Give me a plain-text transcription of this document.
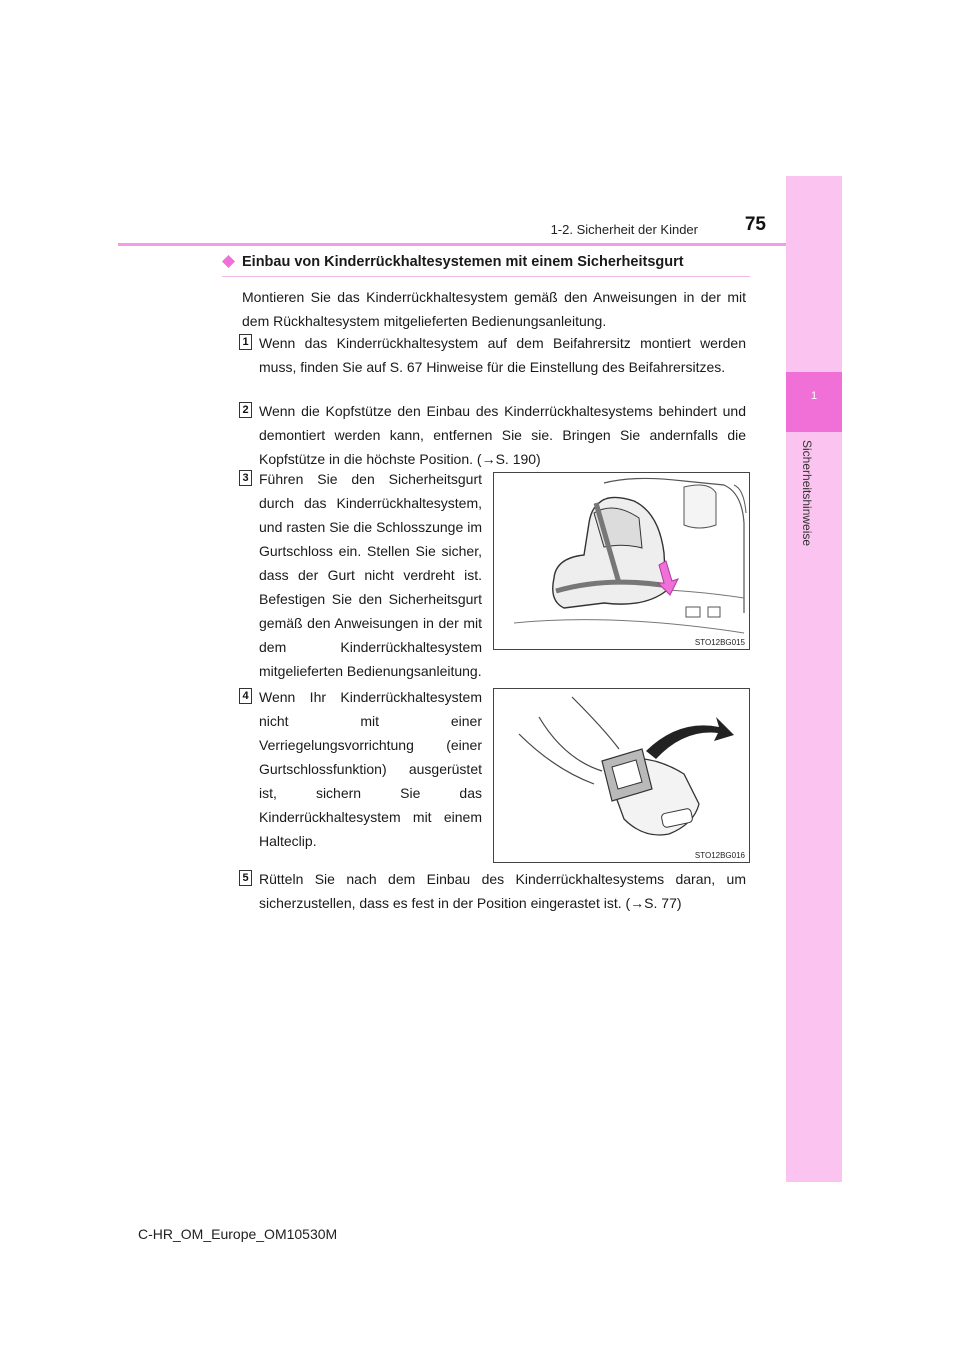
1
Sicherheitshinweise
1-2. Sicherheit der Kinder	75
Einbau von Kinderrückhaltesystemen mit einem Sicherheitsgurt
Montieren Sie das Kinderrückhaltesystem gemäß den Anweisungen in der mit dem Rückhaltesystem mitgelieferten Bedienungsanleitung.
1 Wenn das Kinderrückhaltesystem auf dem Beifahrersitz montiert werden muss, finden Sie auf S. 67 Hinweise für die Einstellung des Beifahrersitzes.
2 Wenn die Kopfstütze den Einbau des Kinderrückhaltesystems behindert und demontiert werden kann, entfernen Sie sie. Bringen Sie andernfalls die Kopfstütze in die höchste Position. (→S. 190)
3 Führen Sie den Sicherheitsgurt durch das Kinderrückhaltesystem, und rasten Sie die Schlosszunge im Gurtschloss ein. Stellen Sie sicher, dass der Gurt nicht verdreht ist. Befestigen Sie den Sicherheitsgurt gemäß den Anweisungen in der mit dem Kinderrückhaltesystem mitgelieferten Bedienungsanleitung.
STO12BG015
4 Wenn Ihr Kinderrückhaltesystem nicht mit einer Verriegelungsvorrichtung (einer Gurtschlossfunktion) ausgerüstet ist, sichern Sie das Kinderrückhaltesystem mit einem Halteclip.
STO12BG016
5 Rütteln Sie nach dem Einbau des Kinderrückhaltesystems daran, um sicherzustellen, dass es fest in der Position eingerastet ist. (→S. 77)
C-HR_OM_Europe_OM10530M
